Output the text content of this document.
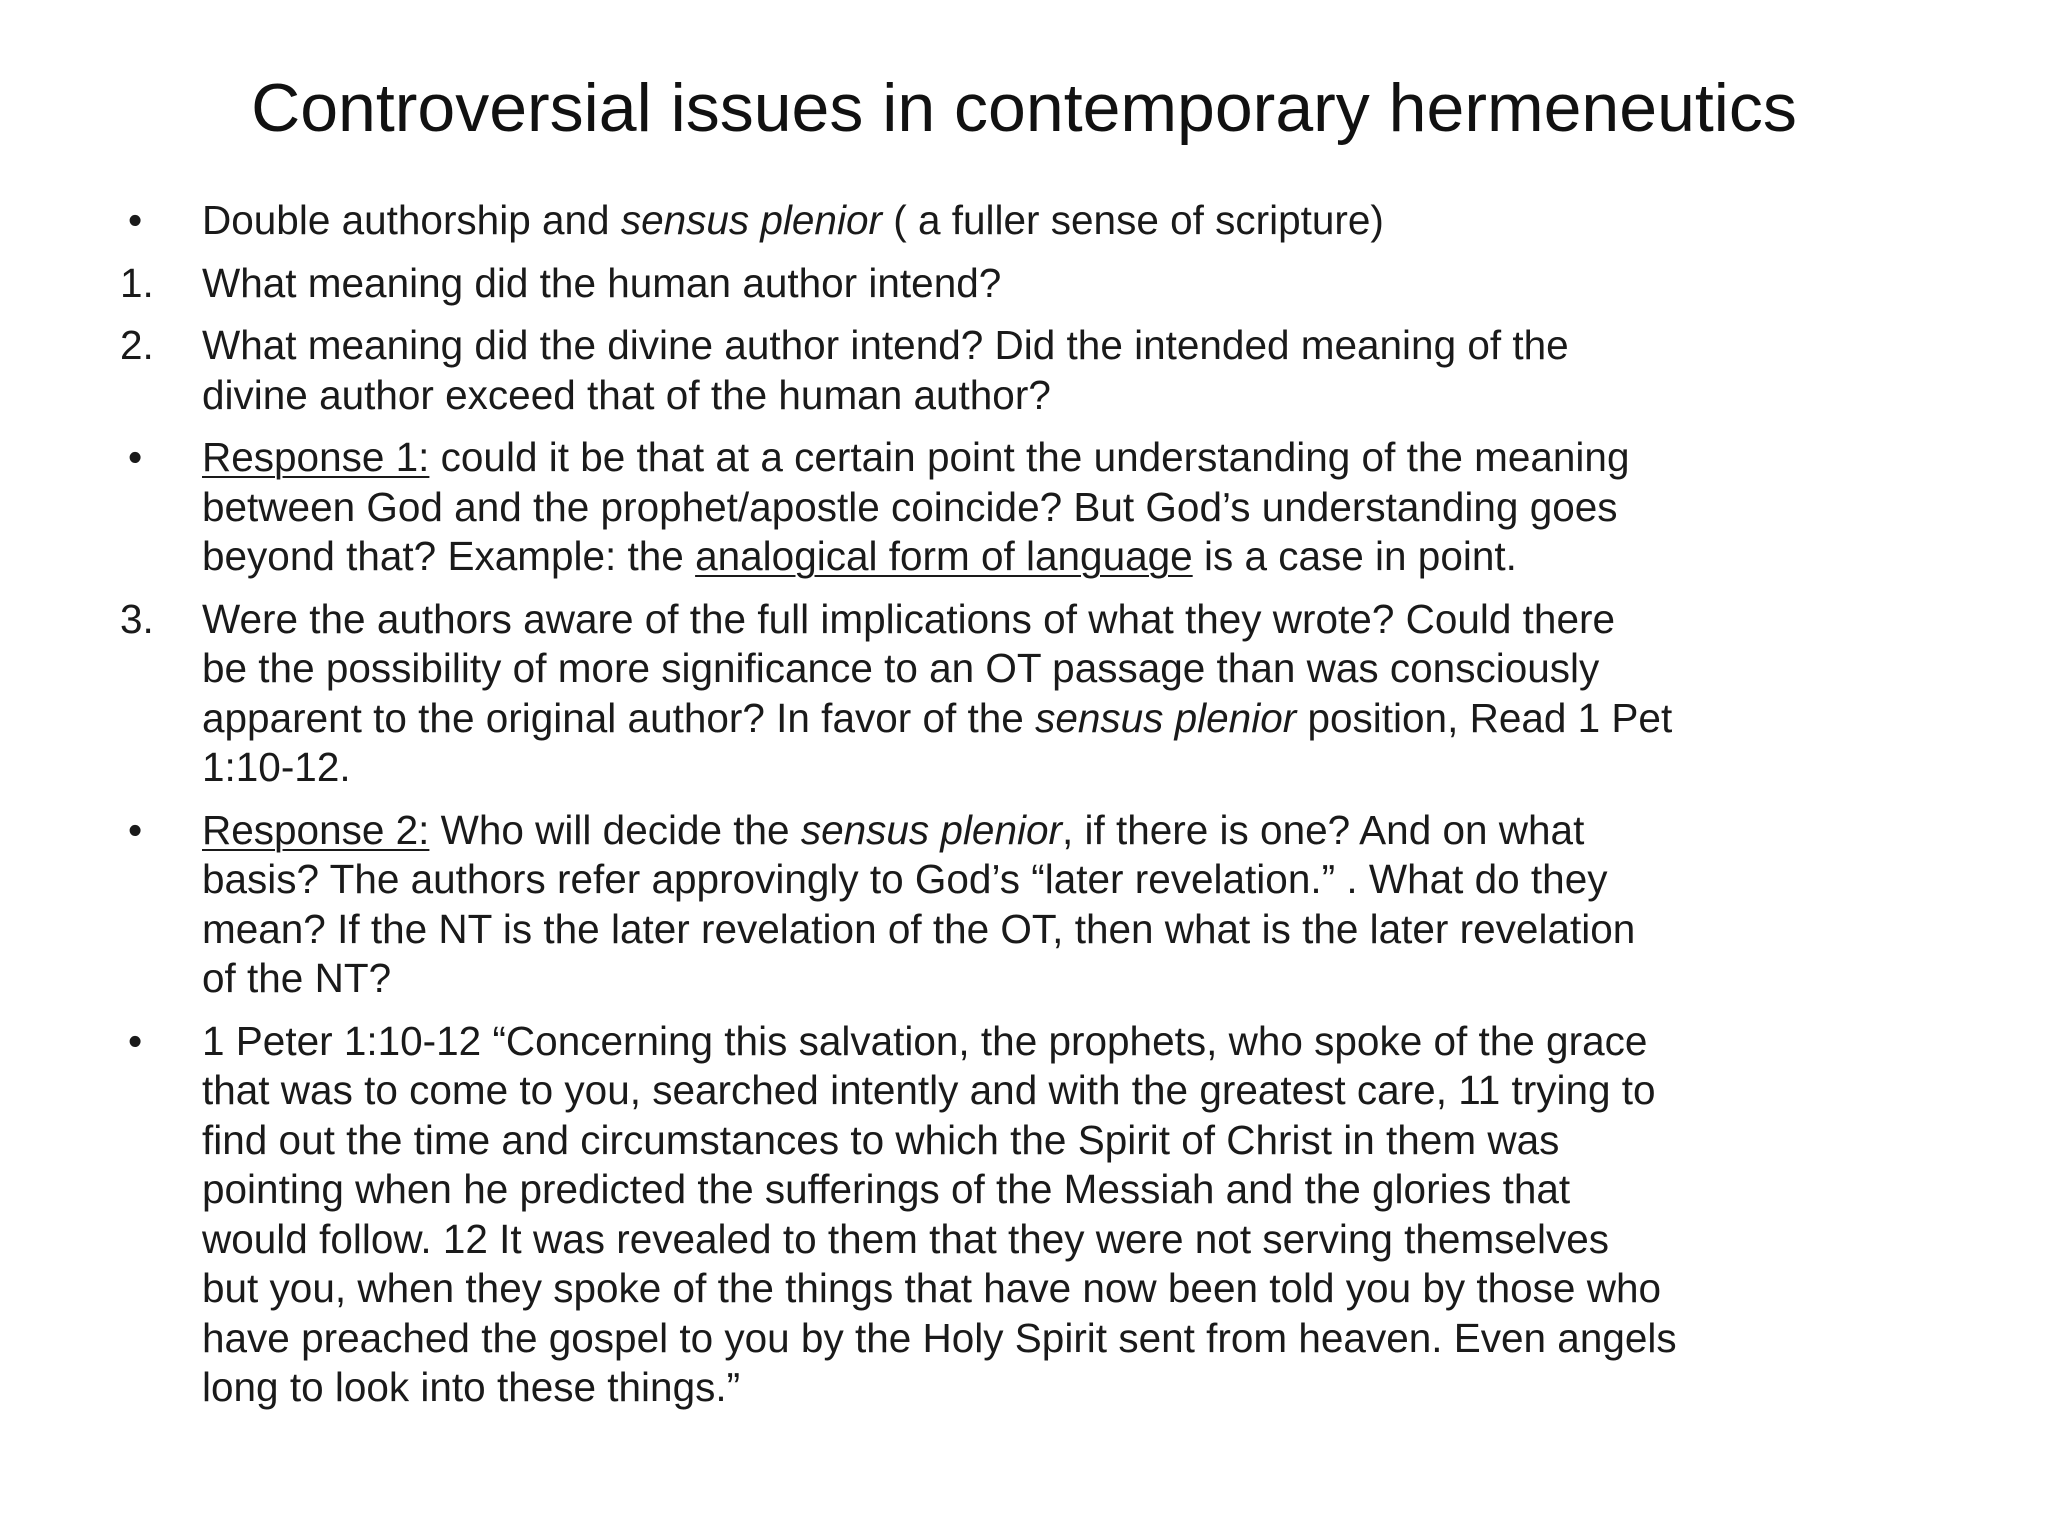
Controversial issues in contemporary hermeneutics
•	Double authorship and sensus plenior ( a fuller sense of scripture)
1.	What meaning did the human author intend?
2.	What meaning did the divine author intend? Did the intended meaning of the
divine author exceed that of the human author?
•	Response 1: could it be that at a certain point the understanding of the meaning
between God and the prophet/apostle coincide? But God’s understanding goes
beyond that? Example: the analogical form of language is a case in point.
3.	Were the authors aware of the full implications of what they wrote? Could there
be the possibility of more significance to an OT passage than was consciously
apparent to the original author? In favor of the sensus plenior position, Read 1 Pet
1:10-12.
•	Response 2: Who will decide the sensus plenior, if there is one? And on what
basis? The authors refer approvingly to God’s “later revelation.” . What do they
mean? If the NT is the later revelation of the OT, then what is the later revelation
of the NT?
•	1 Peter 1:10-12 “Concerning this salvation, the prophets, who spoke of the grace
that was to come to you, searched intently and with the greatest care, 11 trying to
find out the time and circumstances to which the Spirit of Christ in them was
pointing when he predicted the sufferings of the Messiah and the glories that
would follow. 12 It was revealed to them that they were not serving themselves
but you, when they spoke of the things that have now been told you by those who
have preached the gospel to you by the Holy Spirit sent from heaven. Even angels
long to look into these things.”
